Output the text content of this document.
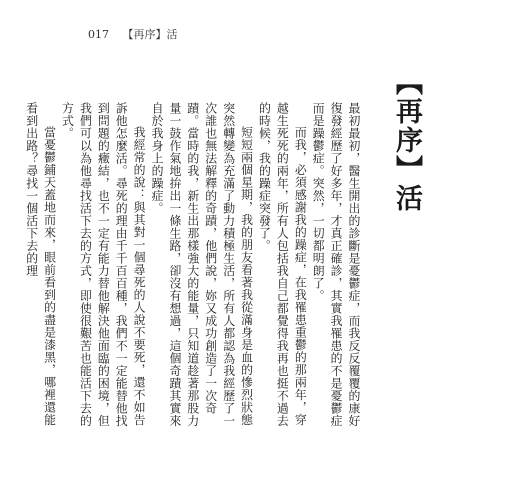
017 【再序】活
【再序】活

最初最初，醫生開出的診斷是憂鬱症，而我反反覆覆的康好復發經歷了好多年，才真正確診，其實我罹患的不是憂鬱症而是躁鬱症。突然，一切都明朗了。

而我，必須感謝我的躁症，在我罹患重鬱的那兩年，穿越生死死的兩年，所有人包括我自己都覺得我再也挺不過去的時候，我的躁症突發了。

短短兩個星期，我的朋友看著我從滿身是血的慘烈狀態突然轉變為充滿了動力積極生活，所有人都認為我經歷了一次誰也無法解釋的奇蹟，他們說，妳又成功創造了一次奇蹟。當時的我，新生出那樣強大的能量，只知道趁著那股力量一鼓作氣地拚出一條生路，卻沒有想過，這個奇蹟其實來自於我身上的躁症。

我經常的說：與其對一個尋死的人說不要死，還不如告訴他怎麼活。尋死的理由千千百百種，我們不一定能替他找到問題的癥結，也不一定有能力替他解決他面臨的困境，但我們可以為他尋找活下去的方式，即使很艱苦也能活下去的方式。

當憂鬱鋪天蓋地而來，眼前看到的盡是漆黑，哪裡還能看到出路？尋找一個活下去的理
